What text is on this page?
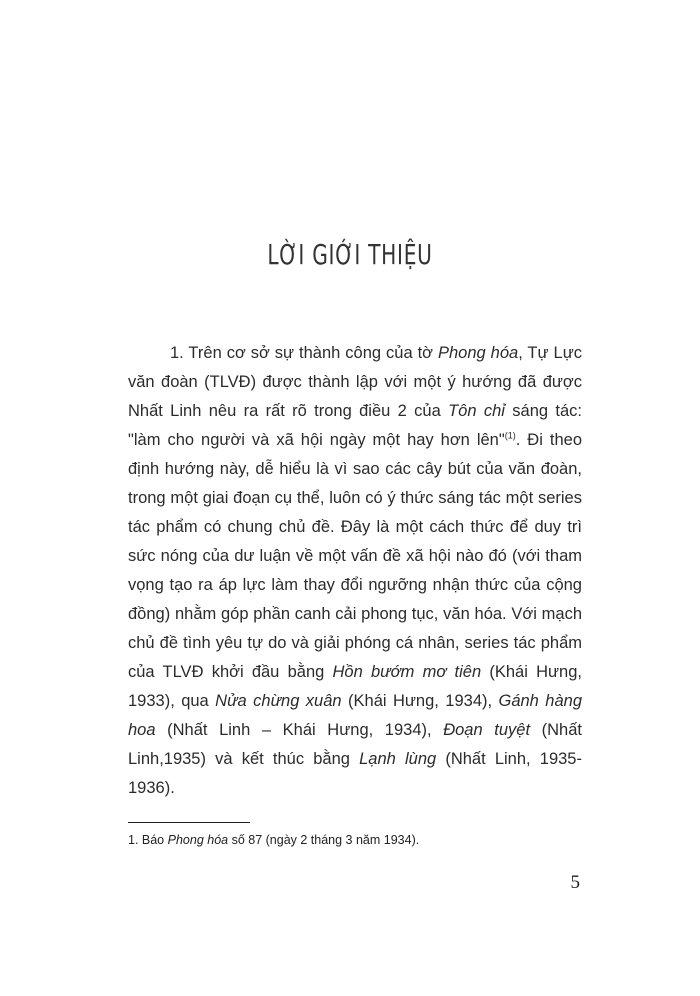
LỜI GIỚI THIỆU

1. Trên cơ sở sự thành công của tờ Phong hóa, Tự Lực văn đoàn (TLVĐ) được thành lập với một ý hướng đã được Nhất Linh nêu ra rất rõ trong điều 2 của Tôn chỉ sáng tác: "làm cho người và xã hội ngày một hay hơn lên"$^{(1)}$. Đi theo định hướng này, dễ hiểu là vì sao các cây bút của văn đoàn, trong một giai đoạn cụ thể, luôn có ý thức sáng tác một series tác phẩm có chung chủ đề. Đây là một cách thức để duy trì sức nóng của dư luận về một vấn đề xã hội nào đó (với tham vọng tạo ra áp lực làm thay đổi ngưỡng nhận thức của cộng đồng) nhằm góp phần canh cải phong tục, văn hóa. Với mạch chủ đề tình yêu tự do và giải phóng cá nhân, series tác phẩm của TLVĐ khởi đầu bằng Hồn bướm mơ tiên (Khái Hưng, 1933), qua Nửa chừng xuân (Khái Hưng, 1934), Gánh hàng hoa (Nhất Linh – Khái Hưng, 1934), Đoạn tuyệt (Nhất Linh,1935) và kết thúc bằng Lạnh lùng (Nhất Linh, 1935-1936).

1. Báo Phong hóa số 87 (ngày 2 tháng 3 năm 1934).

5
